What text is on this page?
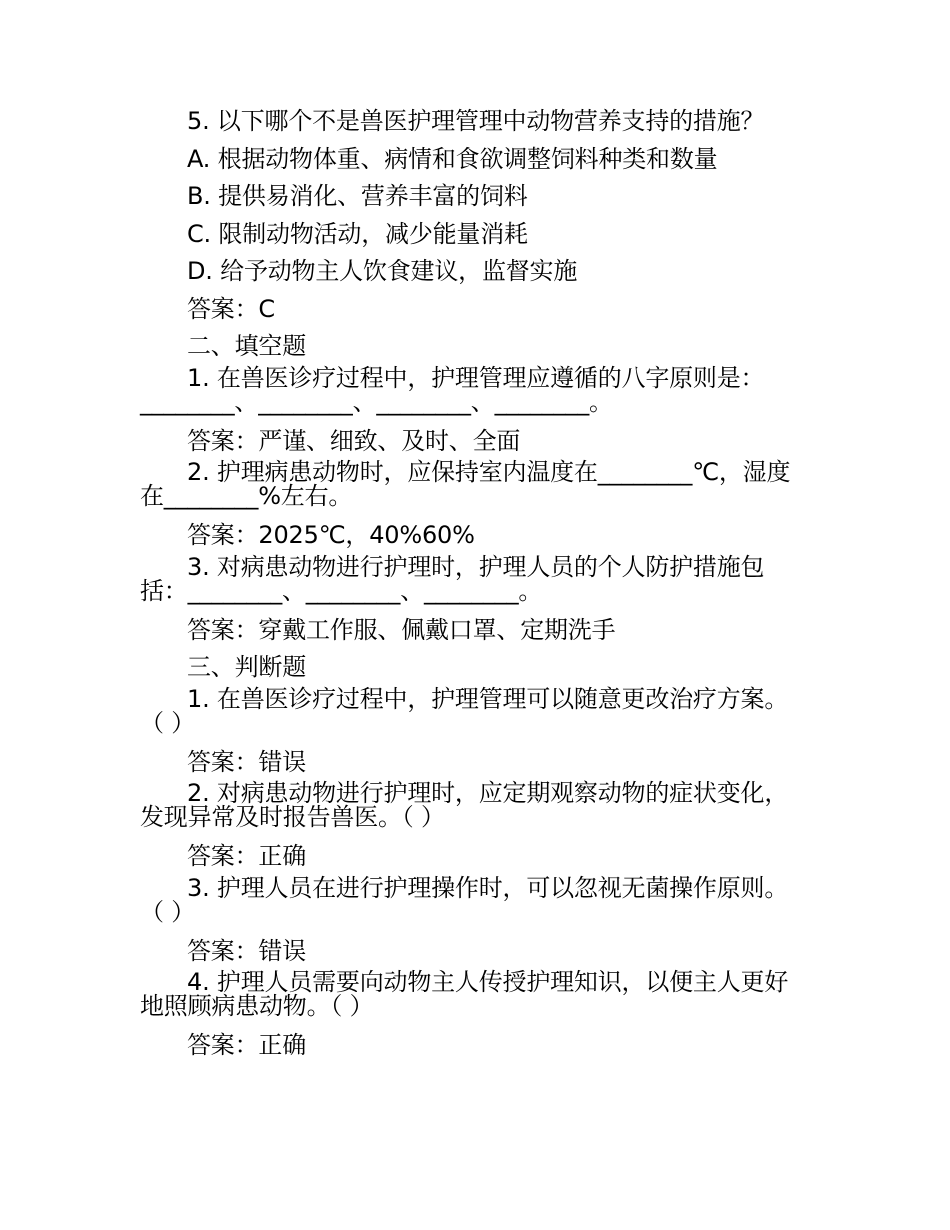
5. 以下哪个不是兽医护理管理中动物营养支持的措施？
A. 根据动物体重、病情和食欲调整饲料种类和数量
B. 提供易消化、营养丰富的饲料
C. 限制动物活动，减少能量消耗
D. 给予动物主人饮食建议，监督实施
答案：C
二、填空题
1. 在兽医诊疗过程中，护理管理应遵循的八字原则是：
________、________、________、________。
答案：严谨、细致、及时、全面
2. 护理病患动物时，应保持室内温度在________℃，湿度
在________%左右。
答案：2025℃，40%60%
3. 对病患动物进行护理时，护理人员的个人防护措施包
括：________、________、________。
答案：穿戴工作服、佩戴口罩、定期洗手
三、判断题
1. 在兽医诊疗过程中，护理管理可以随意更改治疗方案。
（ ）
答案：错误
2. 对病患动物进行护理时，应定期观察动物的症状变化，
发现异常及时报告兽医。（ ）
答案：正确
3. 护理人员在进行护理操作时，可以忽视无菌操作原则。
（ ）
答案：错误
4. 护理人员需要向动物主人传授护理知识，以便主人更好
地照顾病患动物。（ ）
答案：正确
